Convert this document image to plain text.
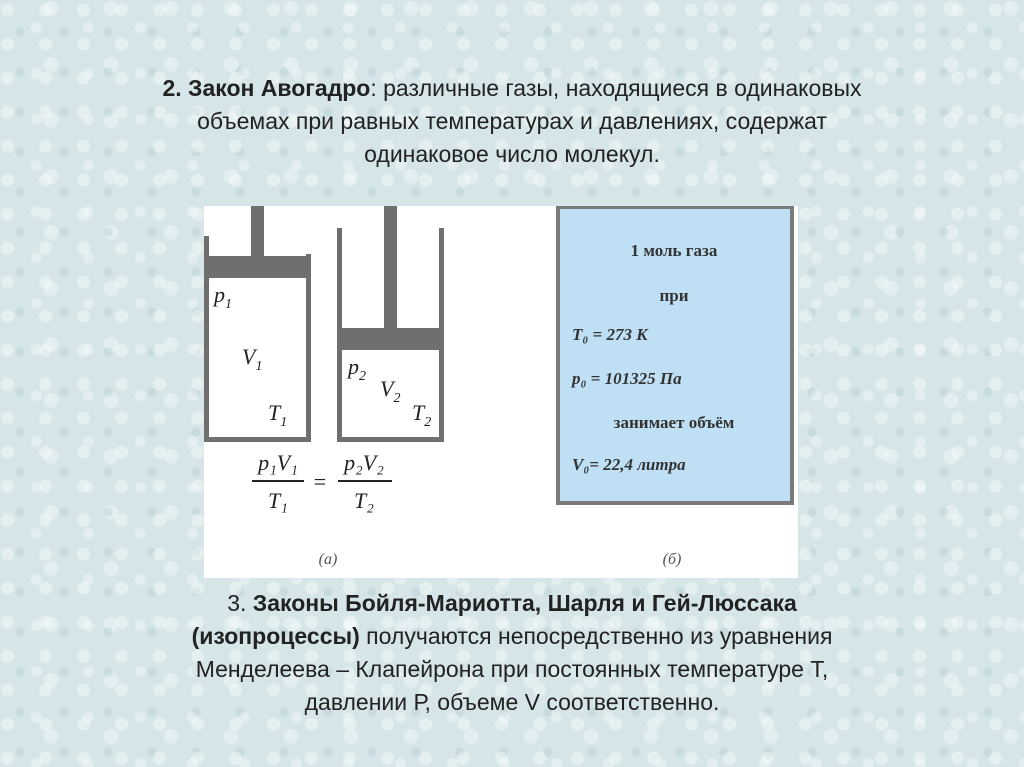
2. Закон Авогадро: различные газы, находящиеся в одинаковых
объемах при равных температурах и давлениях, содержат
одинаковое число молекул.
$p_1$
$V_1$
$T_1$
$p_2$ $V_2$
$T_2$
p₁V₁
T₁
=
p₂V₂
T₂
(a)
1 моль газа
при
T₀ = 273 K
p₀ = 101325 Па
занимает объём
V₀= 22,4 литра
(б)
3. Законы Бойля-Мариотта, Шарля и Гей-Люссака
(изопроцессы) получаются непосредственно из уравнения
Менделеева – Клапейрона при постоянных температуре Т,
давлении Р, объеме V соответственно.
